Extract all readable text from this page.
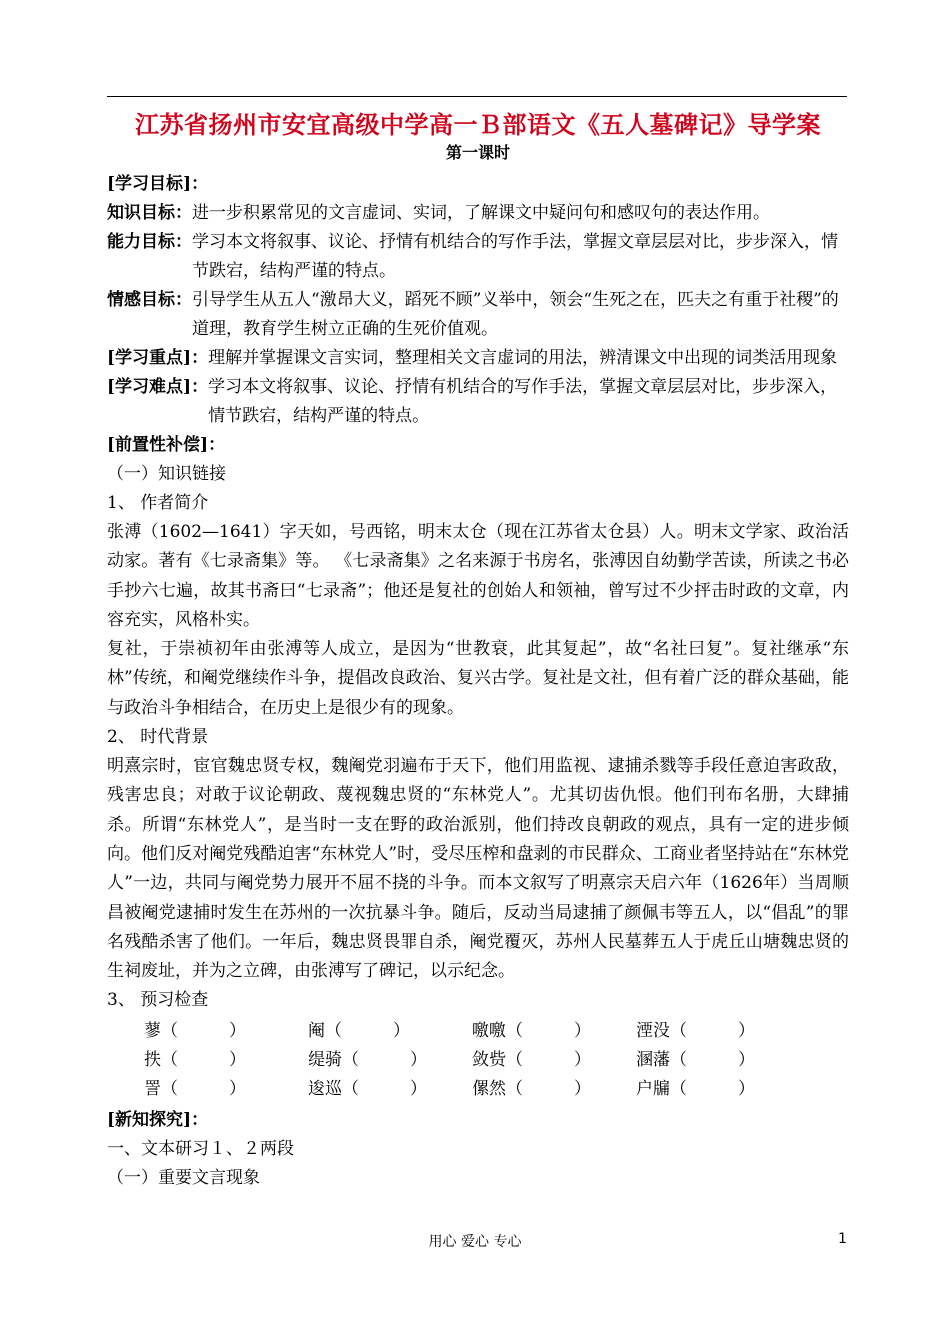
江苏省扬州市安宜高级中学高一Ｂ部语文《五人墓碑记》导学案

第一课时

[学习目标]：

知识目标： 进一步积累常见的文言虚词、实词，了解课文中疑问句和感叹句的表达作用。
能力目标： 学习本文将叙事、议论、抒情有机结合的写作手法，掌握文章层层对比，步步深入，情节跌宕，结构严谨的特点。
情感目标： 引导学生从五人“激昂大义，蹈死不顾”义举中，领会“生死之在，匹夫之有重于社稷”的道理，教育学生树立正确的生死价值观。
[学习重点]： 理解并掌握课文言实词，整理相关文言虚词的用法，辨清课文中出现的词类活用现象
[学习难点]： 学习本文将叙事、议论、抒情有机结合的写作手法，掌握文章层层对比，步步深入，情节跌宕，结构严谨的特点。

[前置性补偿]：

（一）知识链接

1、 作者简介

张溥（1602—1641）字天如，号西铭，明末太仓（现在江苏省太仓县）人。明末文学家、政治活动家。著有《七录斋集》等。 《七录斋集》之名来源于书房名，张溥因自幼勤学苦读，所读之书必手抄六七遍，故其书斋曰“七录斋”；他还是复社的创始人和领袖，曾写过不少抨击时政的文章，内容充实，风格朴实。

复社，于崇祯初年由张溥等人成立，是因为“世教衰，此其复起”，故“名社曰复”。复社继承“东林”传统，和阉党继续作斗争，提倡改良政治、复兴古学。复社是文社，但有着广泛的群众基础，能与政治斗争相结合，在历史上是很少有的现象。

2、 时代背景

明熹宗时，宦官魏忠贤专权，魏阉党羽遍布于天下，他们用监视、逮捕杀戮等手段任意迫害政敌，残害忠良；对敢于议论朝政、蔑视魏忠贤的“东林党人”。尤其切齿仇恨。他们刊布名册，大肆捕杀。所谓“东林党人”，是当时一支在野的政治派别，他们持改良朝政的观点，具有一定的进步倾向。他们反对阉党残酷迫害“东林党人”时，受尽压榨和盘剥的市民群众、工商业者坚持站在“东林党人”一边，共同与阉党势力展开不屈不挠的斗争。而本文叙写了明熹宗天启六年（1626年）当周顺昌被阉党逮捕时发生在苏州的一次抗暴斗争。随后，反动当局逮捕了颜佩韦等五人，以“倡乱”的罪名残酷杀害了他们。一年后，魏忠贤畏罪自杀，阉党覆灭，苏州人民墓葬五人于虎丘山塘魏忠贤的生祠废址，并为之立碑，由张溥写了碑记，以示纪念。

3、 预习检查

蓼（　　　）	阉（　　　）	噭噭（　　　）	湮没（　　　）
抶（　　　）	缇骑（　　　）	敛赀（　　　）	溷藩（　　　）
詈（　　　）	逡巡（　　　）	傫然（　　　）	户牖（　　　）

[新知探究]：

一、文本研习１、２两段

（一）重要文言现象

用心 爱心 专心	1
